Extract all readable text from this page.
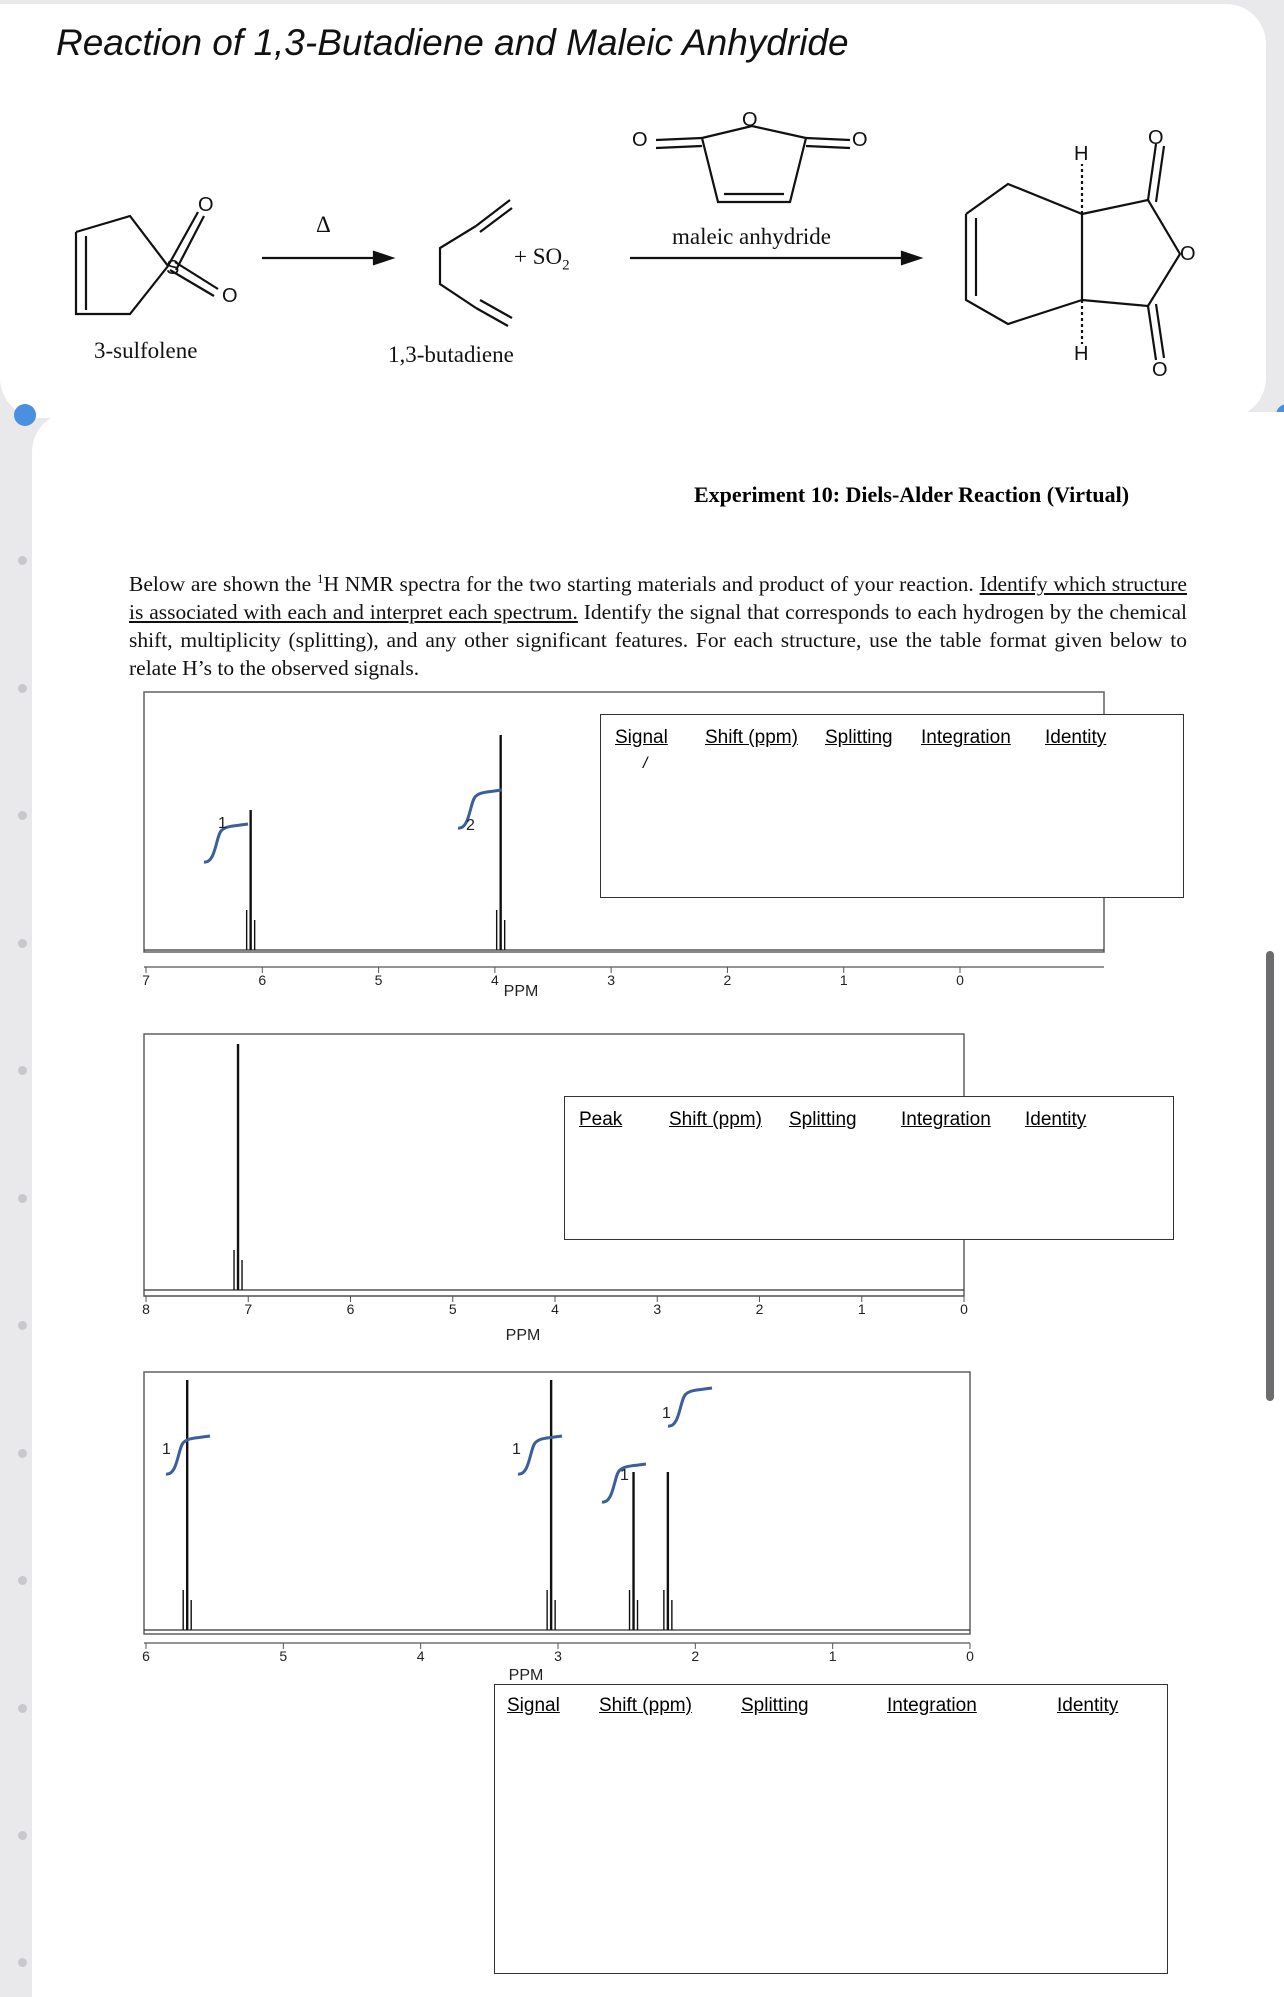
Reaction of 1,3-Butadiene and Maleic Anhydride
O
S
O
O
O	O	O
O
O
H
H
Δ
+ $SO_2$
maleic anhydride
3-sulfolene	1,3-butadiene
Experiment 10: Diels-Alder Reaction (Virtual)
Below are shown the $^1$H NMR spectra for the two starting materials and product of your reaction. Identify which structure is associated with each and interpret each spectrum. Identify the signal that corresponds to each hydrogen by the chemical shift, multiplicity (splitting), and any other significant features. For each structure, use the table format given below to relate H’s to the observed signals.
7	6	5	4	3	2	1	0
PPM
1	2
8	7	6	5	4	3	2	1	0
PPM
6	5	4	3	2	1	0
PPM
1	1
1
1
Signal Shift (ppm) Splitting Integration Identity
/
Peak Shift (ppm) Splitting Integration Identity
Signal Shift (ppm)	Splitting	Integration	Identity
